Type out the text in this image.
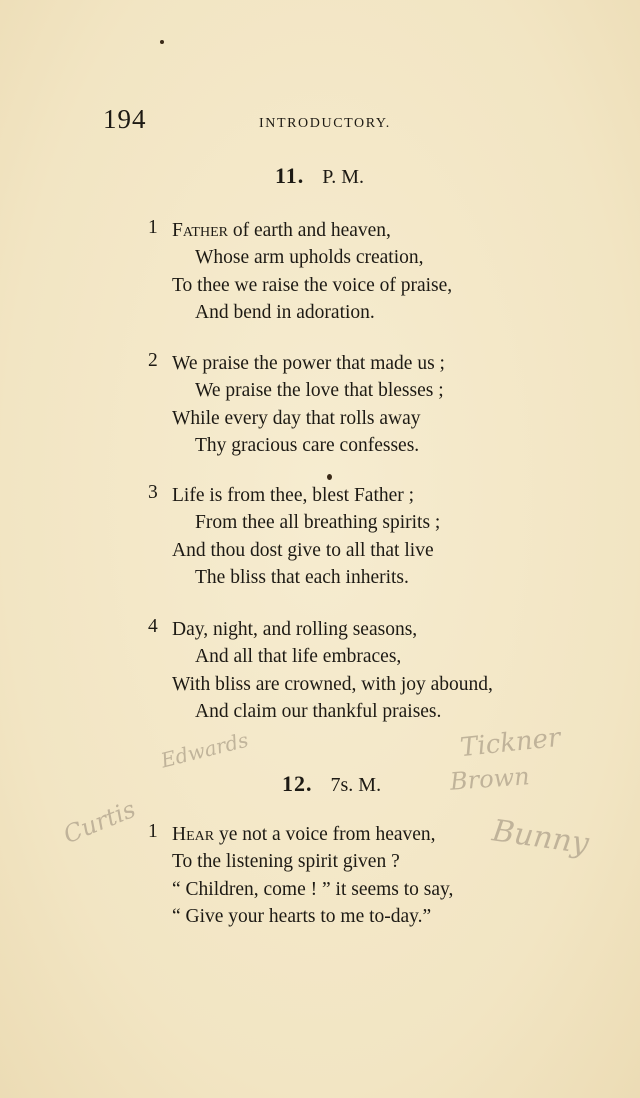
194	INTRODUCTORY.
11. P. M.
1 Father of earth and heaven,
Whose arm upholds creation,
To thee we raise the voice of praise,
And bend in adoration.
2 We praise the power that made us ;
We praise the love that blesses ;
While every day that rolls away
Thy gracious care confesses.
3 Life is from thee, blest Father ;
From thee all breathing spirits ;
And thou dost give to all that live
The bliss that each inherits.
4 Day, night, and rolling seasons,
And all that life embraces,
With bliss are crowned, with joy abound,
And claim our thankful praises.
12. 7s. M.
1 Hear ye not a voice from heaven,
To the listening spirit given ?
“ Children, come ! ” it seems to say,
“ Give your hearts to me to-day.”
Edwards	Tickner
Brown
Bunny
Curtis
